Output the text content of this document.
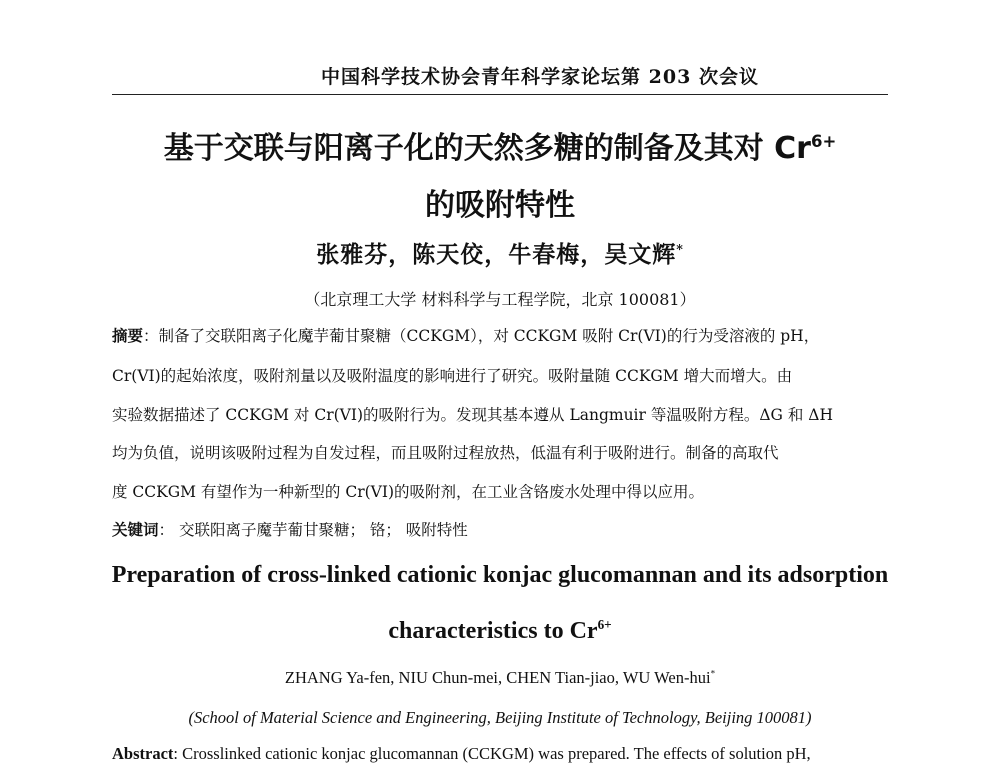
中国科学技术协会青年科学家论坛第 203 次会议
基于交联与阳离子化的天然多糖的制备及其对 $Cr^{6+}$
的吸附特性
张雅芬，陈天佼，牛春梅，吴文辉*
（北京理工大学 材料科学与工程学院，北京 100081）
摘要：制备了交联阳离子化魔芋葡甘聚糖（CCKGM），对 CCKGM 吸附 Cr(VI)的行为受溶液的 pH，
Cr(VI)的起始浓度，吸附剂量以及吸附温度的影响进行了研究。吸附量随 CCKGM 增大而增大。由
实验数据描述了 CCKGM 对 Cr(VI)的吸附行为。发现其基本遵从 Langmuir 等温吸附方程。ΔG 和 ΔH
均为负值，说明该吸附过程为自发过程，而且吸附过程放热，低温有利于吸附进行。制备的高取代
度 CCKGM 有望作为一种新型的 Cr(VI)的吸附剂，在工业含铬废水处理中得以应用。
关键词： 交联阳离子魔芋葡甘聚糖； 铬； 吸附特性
Preparation of cross-linked cationic konjac glucomannan and its adsorption
characteristics to $Cr^{6+}$
ZHANG Ya-fen, NIU Chun-mei, CHEN Tian-jiao, WU Wen-hui*
(School of Material Science and Engineering, Beijing Institute of Technology, Beijing 100081)
Abstract: Crosslinked cationic konjac glucomannan (CCKGM) was prepared. The effects of solution pH,
